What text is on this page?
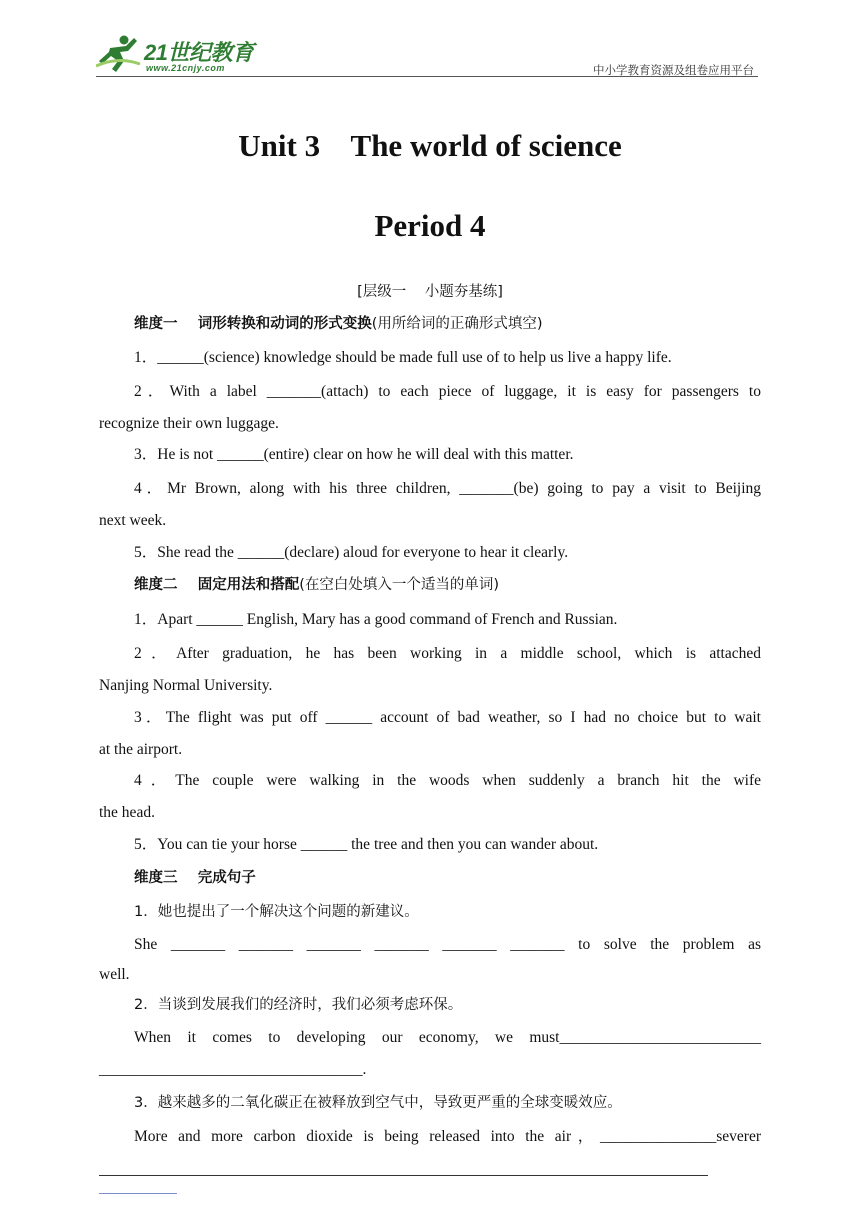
21世纪教育
www.21cnjy.com	中小学教育资源及组卷应用平台
Unit 3    The world of science
Period 4
[层级一    小题夯基练]
维度一    词形转换和动词的形式变换(用所给词的正确形式填空)
1．______(science) knowledge should be made full use of to help us live a happy life.
2．With a label _______(attach) to each piece of luggage, it is easy for passengers to
recognize their own luggage.
3．He is not ______(entire) clear on how he will deal with this matter.
4．Mr Brown, along with his three children, _______(be) going to pay a visit to Beijing
next week.
5．She read the ______(declare) aloud for everyone to hear it clearly.
维度二    固定用法和搭配(在空白处填入一个适当的单词)
1．Apart ______ English, Mary has a good command of French and Russian.
2．After graduation, he has been working in a middle school, which is attached
Nanjing Normal University.
3．The flight was put off ______ account of bad weather, so I had no choice but to wait
at the airport.
4．The couple were walking in the woods when suddenly a branch hit the wife
the head.
5．You can tie your horse ______ the tree and then you can wander about.
维度三    完成句子
1．她也提出了一个解决这个问题的新建议。
She _______ _______ _______ _______ _______ _______ to solve the problem as
well.
2．当谈到发展我们的经济时，我们必须考虑环保。
When it comes to developing our economy, we must__________________________
__________________________________.
3．越来越多的二氧化碳正在被释放到空气中，导致更严重的全球变暖效应。
More and more carbon dioxide is being released into the air，_______________severer
